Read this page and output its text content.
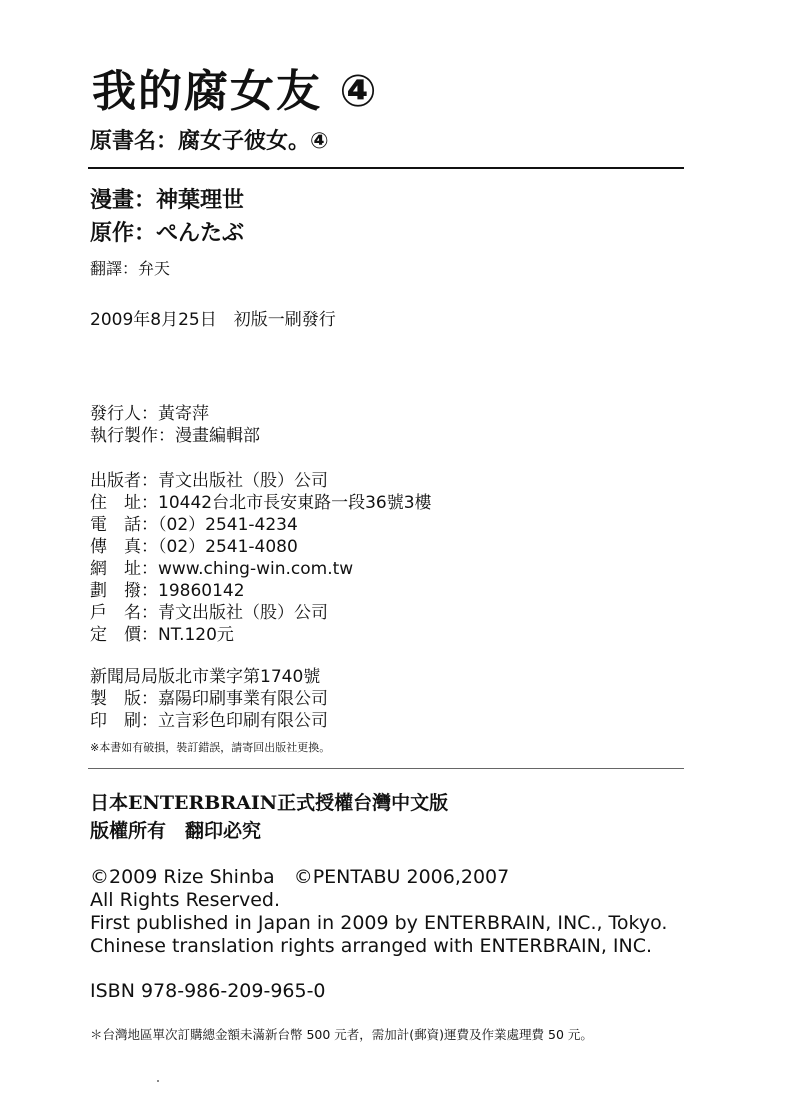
我的腐女友 ④
原書名：腐女子彼女。④
漫畫：神葉理世
原作：ぺんたぶ
翻譯：弁天
2009年8月25日　初版一刷發行
發行人：黃寄萍
執行製作：漫畫編輯部
出版者：青文出版社（股）公司
住　址：10442台北市長安東路一段36號3樓
電　話：（02）2541-4234
傳　真：（02）2541-4080
網　址：www.ching-win.com.tw
劃　撥：19860142
戶　名：青文出版社（股）公司
定　價：NT.120元
新聞局局版北市業字第1740號
製　版：嘉陽印刷事業有限公司
印　刷：立言彩色印刷有限公司
※本書如有破損，裝訂錯誤，請寄回出版社更換。
日本ENTERBRAIN正式授權台灣中文版
版權所有　翻印必究
©2009 Rize Shinba　©PENTABU 2006,2007
All Rights Reserved.
First published in Japan in 2009 by ENTERBRAIN, INC., Tokyo.
Chinese translation rights arranged with ENTERBRAIN, INC.
ISBN 978-986-209-965-0
＊台灣地區單次訂購總金額未滿新台幣 500 元者，需加計(郵資)運費及作業處理費 50 元。
